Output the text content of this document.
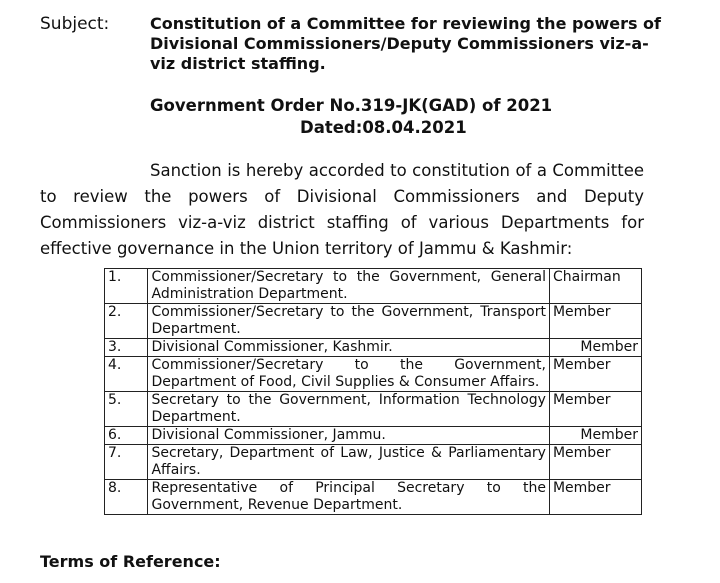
Subject:	Constitution of a Committee for reviewing the powers of Divisional Commissioners/Deputy Commissioners viz-a-viz district staffing.
Government Order No.319-JK(GAD) of 2021
Dated:08.04.2021
Sanction is hereby accorded to constitution of a Committee to review the powers of Divisional Commissioners and Deputy Commissioners viz-a-viz district staffing of various Departments for effective governance in the Union territory of Jammu & Kashmir:
1.	Commissioner/Secretary to the Government, General Administration Department.	Chairman
2.	Commissioner/Secretary to the Government, Transport Department.	Member
3.	Divisional Commissioner, Kashmir.	Member
4.	Commissioner/Secretary to the Government, Department of Food, Civil Supplies & Consumer Affairs.	Member
5.	Secretary to the Government, Information Technology Department.	Member
6.	Divisional Commissioner, Jammu.	Member
7.	Secretary, Department of Law, Justice & Parliamentary Affairs.	Member
8.	Representative of Principal Secretary to the Government, Revenue Department.	Member
Terms of Reference:
